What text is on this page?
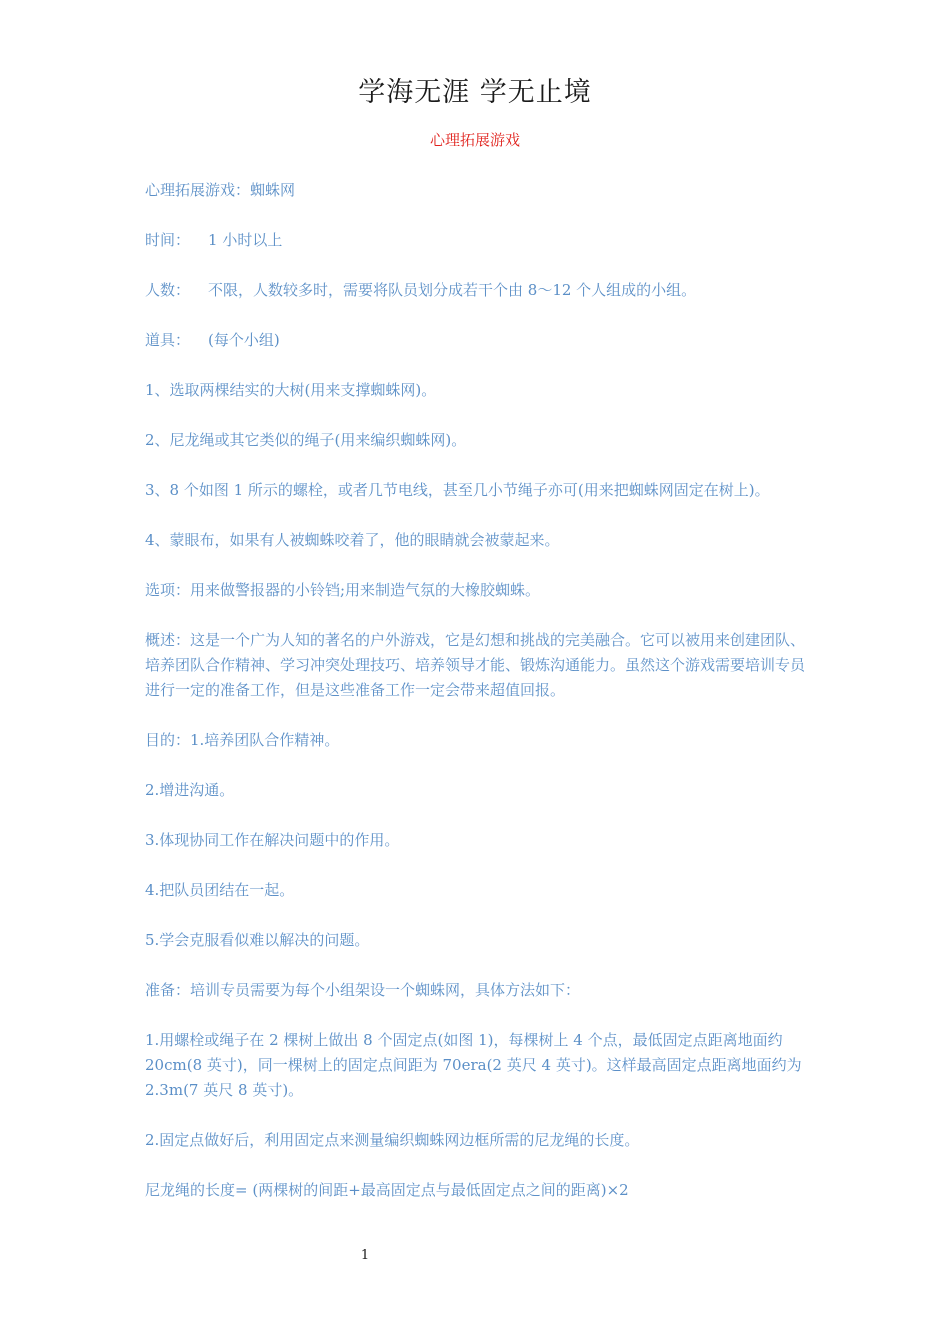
学海无涯 学无止境
心理拓展游戏

心理拓展游戏：蜘蛛网

时间： 1 小时以上

人数： 不限，人数较多时，需要将队员划分成若干个由 8～12 个人组成的小组。

道具： (每个小组)

1、选取两棵结实的大树(用来支撑蜘蛛网)。

2、尼龙绳或其它类似的绳子(用来编织蜘蛛网)。

3、8 个如图 1 所示的螺栓，或者几节电线，甚至几小节绳子亦可(用来把蜘蛛网固定在树上)。

4、蒙眼布，如果有人被蜘蛛咬着了，他的眼睛就会被蒙起来。

选项：用来做警报器的小铃铛;用来制造气氛的大橡胶蜘蛛。

概述：这是一个广为人知的著名的户外游戏，它是幻想和挑战的完美融合。它可以被用来创建团队、培养团队合作精神、学习冲突处理技巧、培养领导才能、锻炼沟通能力。虽然这个游戏需要培训专员进行一定的准备工作，但是这些准备工作一定会带来超值回报。

目的：1.培养团队合作精神。

2.增进沟通。

3.体现协同工作在解决问题中的作用。

4.把队员团结在一起。

5.学会克服看似难以解决的问题。

准备：培训专员需要为每个小组架设一个蜘蛛网，具体方法如下：

1.用螺栓或绳子在 2 棵树上做出 8 个固定点(如图 1)，每棵树上 4 个点，最低固定点距离地面约 20cm(8 英寸)，同一棵树上的固定点间距为 70era(2 英尺 4 英寸)。这样最高固定点距离地面约为 2.3m(7 英尺 8 英寸)。

2.固定点做好后，利用固定点来测量编织蜘蛛网边框所需的尼龙绳的长度。

尼龙绳的长度= (两棵树的间距+最高固定点与最低固定点之间的距离)×2

1
